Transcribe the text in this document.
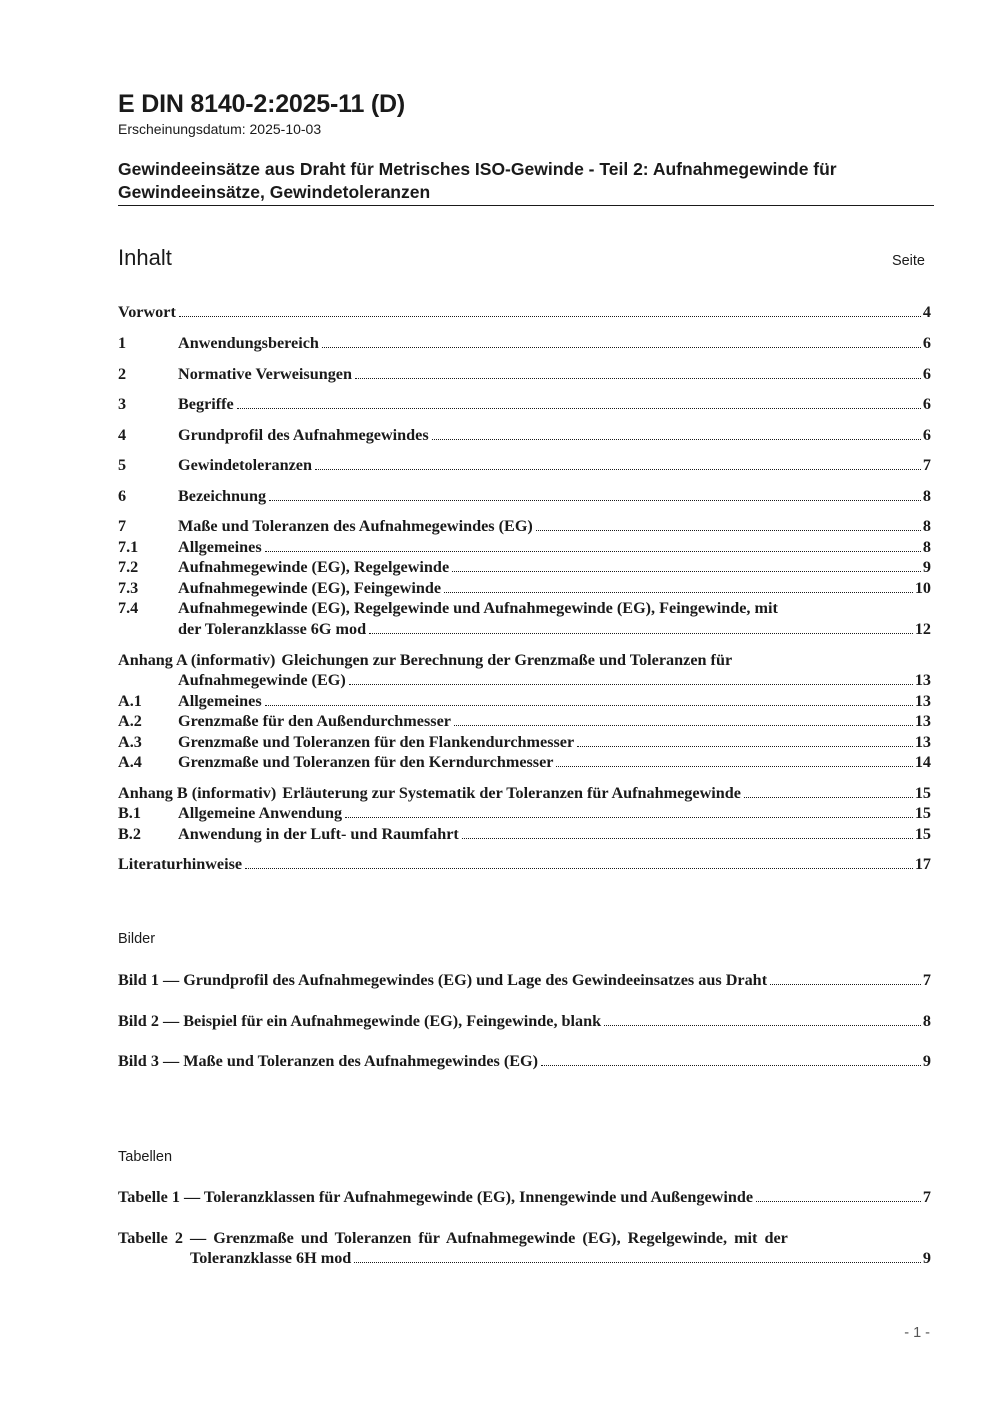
E DIN 8140-2:2025-11 (D)
Erscheinungsdatum: 2025-10-03
Gewindeeinsätze aus Draht für Metrisches ISO-Gewinde - Teil 2: Aufnahmegewinde für Gewindeeinsätze, Gewindetoleranzen
Inhalt	Seite
Vorwort	4
1	Anwendungsbereich	6
2	Normative Verweisungen	6
3	Begriffe	6
4	Grundprofil des Aufnahmegewindes	6
5	Gewindetoleranzen	7
6	Bezeichnung	8
7	Maße und Toleranzen des Aufnahmegewindes (EG)	8
7.1	Allgemeines	8
7.2	Aufnahmegewinde (EG), Regelgewinde	9
7.3	Aufnahmegewinde (EG), Feingewinde	10
7.4 Aufnahmegewinde (EG), Regelgewinde und Aufnahmegewinde (EG), Feingewinde, mit
der Toleranzklasse 6G mod	12
Anhang A (informativ) Gleichungen zur Berechnung der Grenzmaße und Toleranzen für
Aufnahmegewinde (EG)	13
A.1	Allgemeines	13
A.2	Grenzmaße für den Außendurchmesser	13
A.3	Grenzmaße und Toleranzen für den Flankendurchmesser	13
A.4	Grenzmaße und Toleranzen für den Kerndurchmesser	14
Anhang B (informativ) Erläuterung zur Systematik der Toleranzen für Aufnahmegewinde	15
B.1	Allgemeine Anwendung	15
B.2	Anwendung in der Luft- und Raumfahrt	15
Literaturhinweise	17
Bilder
Bild 1 — Grundprofil des Aufnahmegewindes (EG) und Lage des Gewindeeinsatzes aus Draht	7
Bild 2 — Beispiel für ein Aufnahmegewinde (EG), Feingewinde, blank	8
Bild 3 — Maße und Toleranzen des Aufnahmegewindes (EG)	9
Tabellen
Tabelle 1 — Toleranzklassen für Aufnahmegewinde (EG), Innengewinde und Außengewinde	7
Tabelle 2 — Grenzmaße und Toleranzen für Aufnahmegewinde (EG), Regelgewinde, mit der
Toleranzklasse 6H mod	9
- 1 -
